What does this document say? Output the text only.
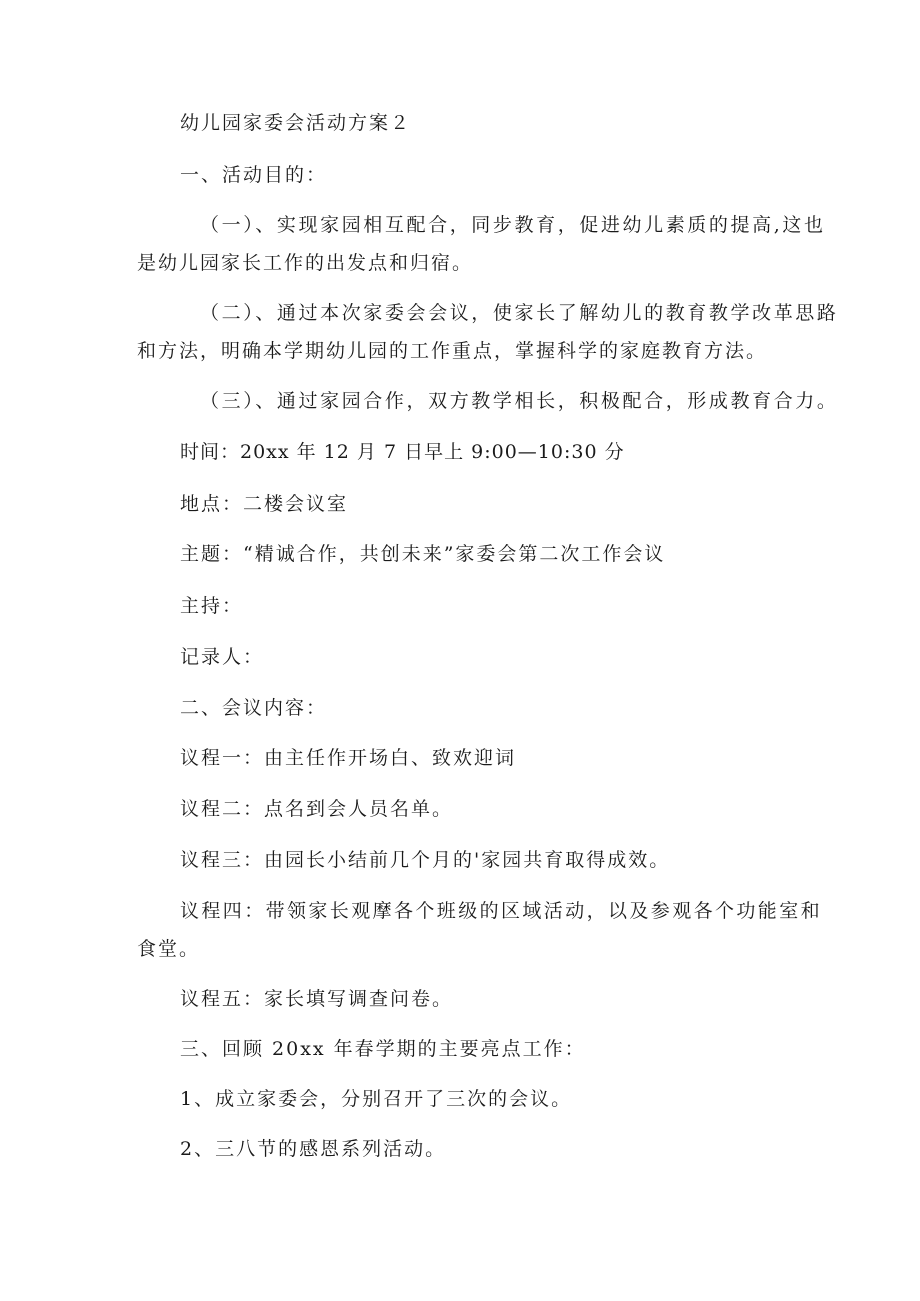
幼儿园家委会活动方案２
一、活动目的：
（一）、实现家园相互配合，同步教育，促进幼儿素质的提高,这也
是幼儿园家长工作的出发点和归宿。
（二）、通过本次家委会会议，使家长了解幼儿的教育教学改革思路
和方法，明确本学期幼儿园的工作重点，掌握科学的家庭教育方法。
（三）、通过家园合作，双方教学相长，积极配合，形成教育合力。
时间：20xx 年 12 月 7 日早上 9:00—10:30 分
地点：二楼会议室
主题：“精诚合作，共创未来”家委会第二次工作会议
主持：
记录人：
二、会议内容：
议程一：由主任作开场白、致欢迎词
议程二：点名到会人员名单。
议程三：由园长小结前几个月的'家园共育取得成效。
议程四：带领家长观摩各个班级的区域活动，以及参观各个功能室和
食堂。
议程五：家长填写调查问卷。
三、回顾 20xx 年春学期的主要亮点工作：
1、成立家委会，分别召开了三次的会议。
2、三八节的感恩系列活动。
